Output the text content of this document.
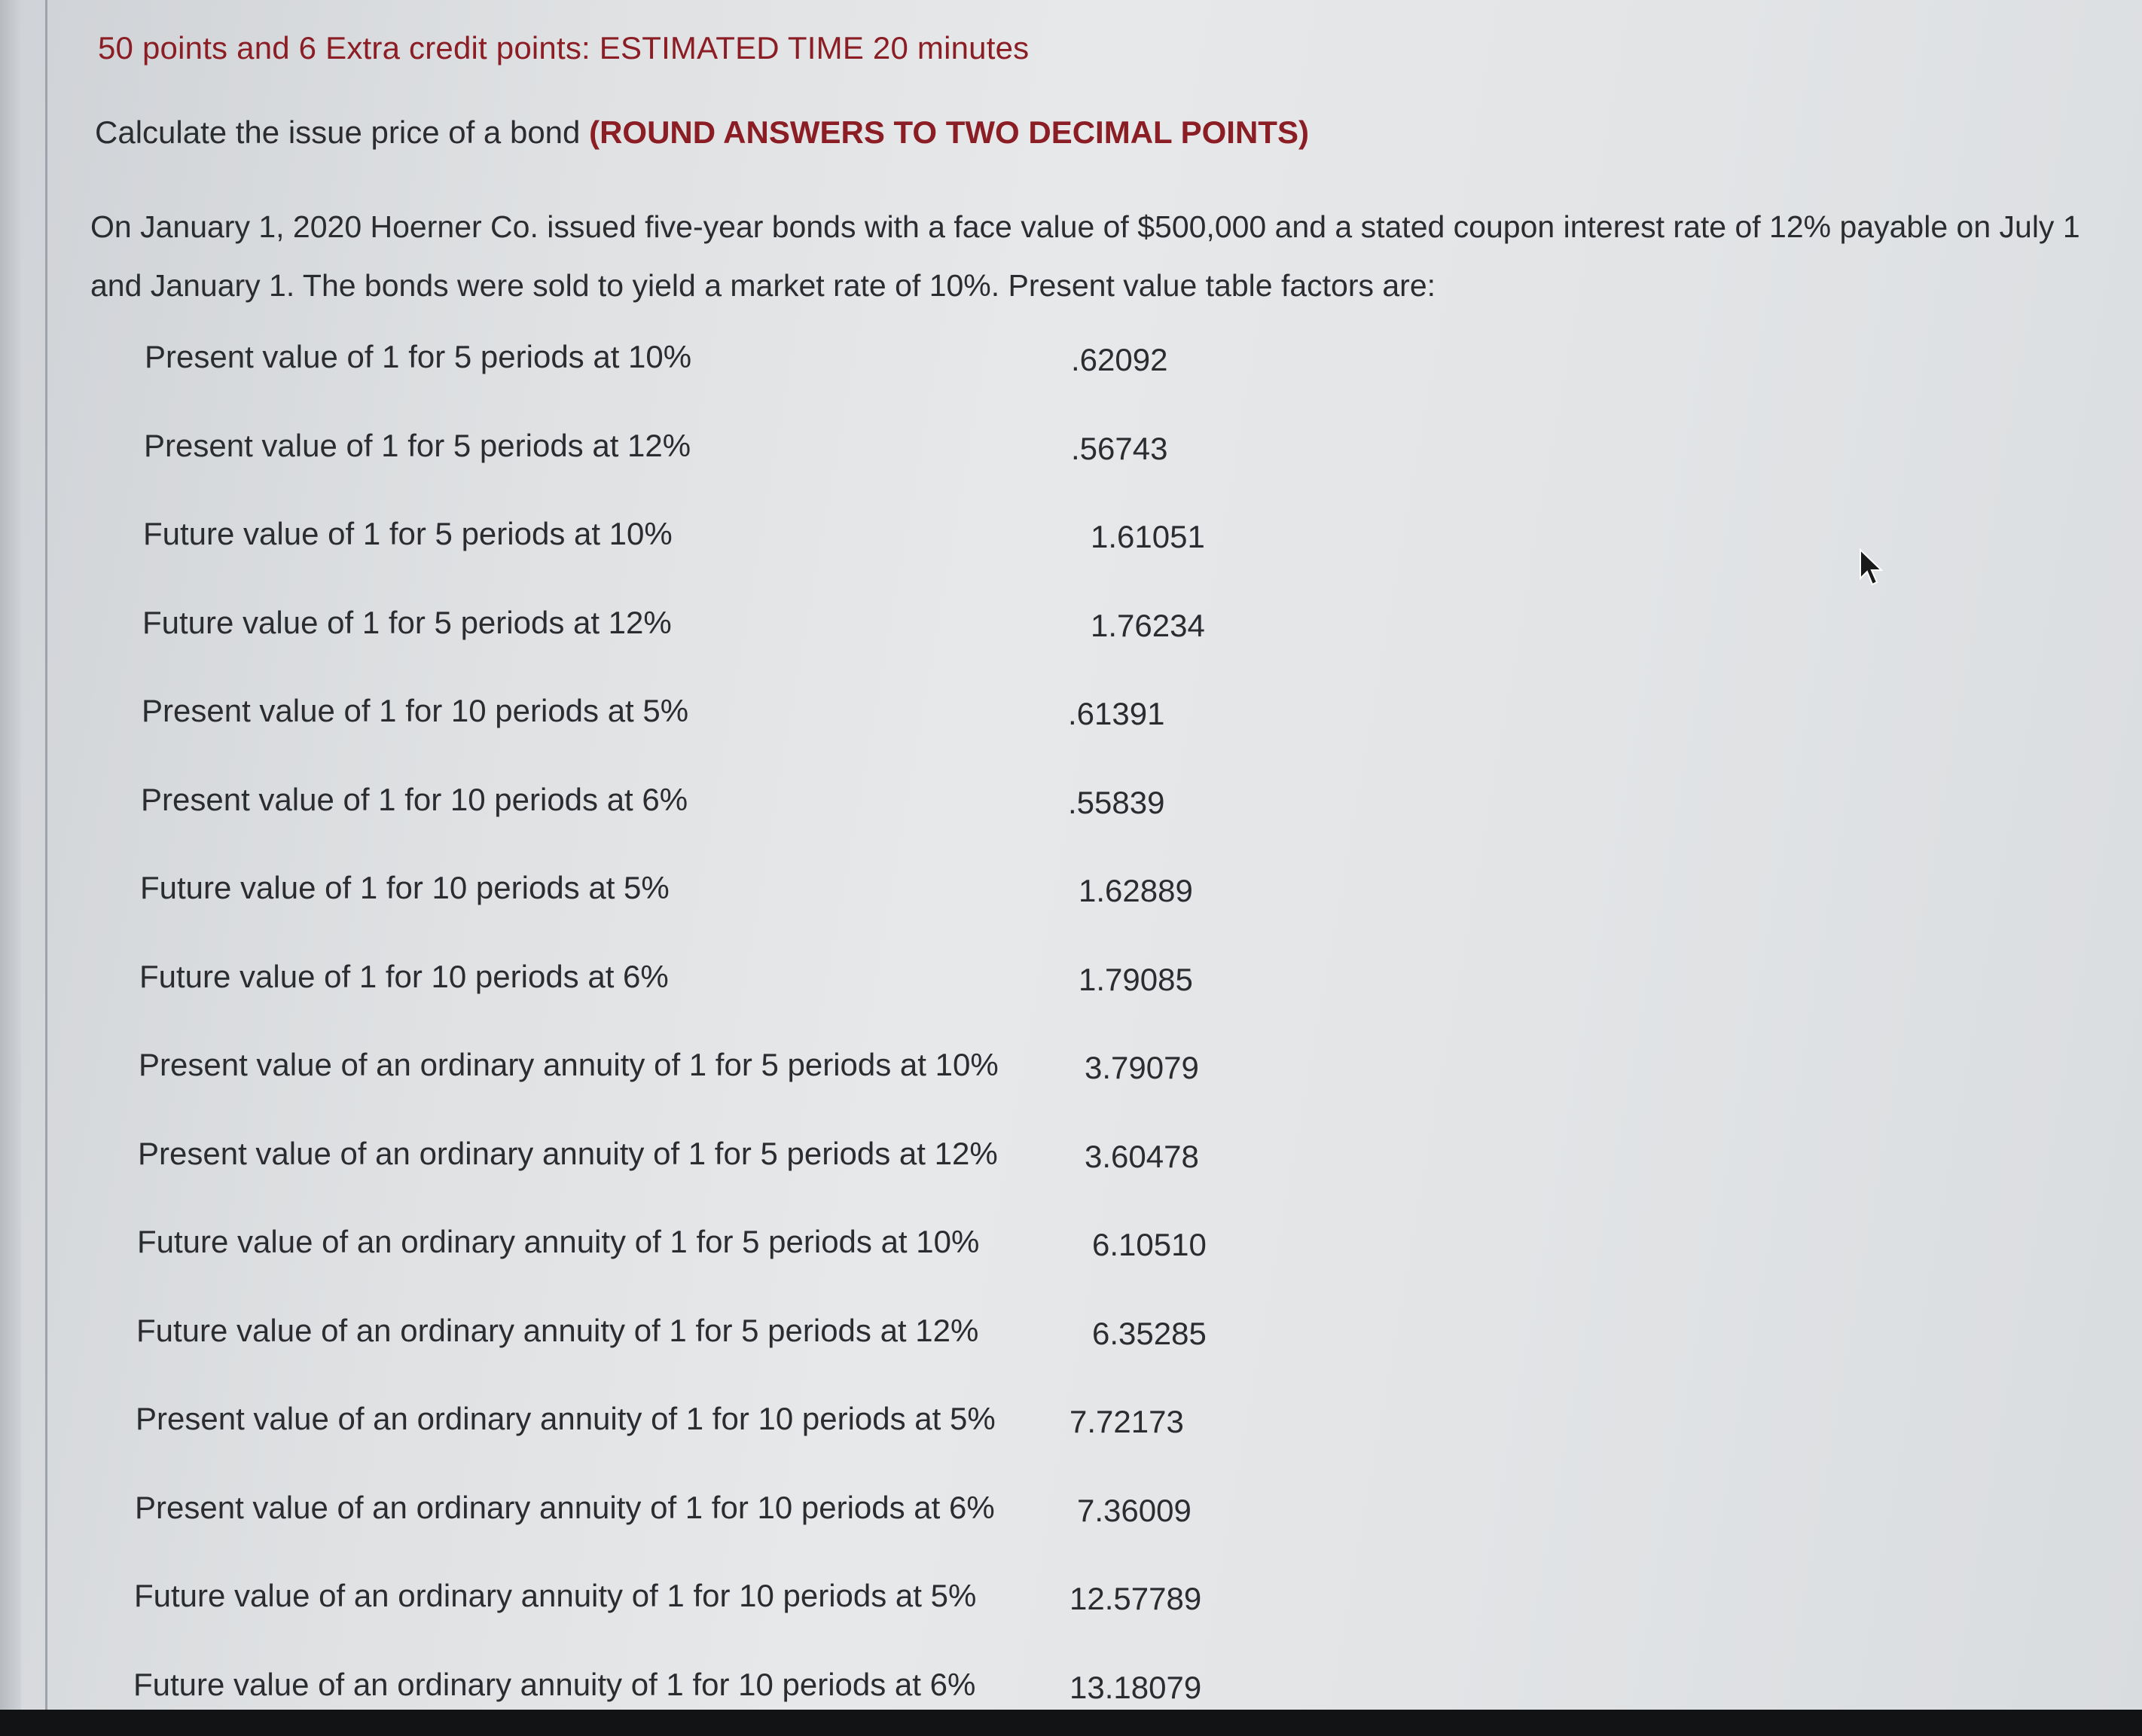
50 points and 6 Extra credit points: ESTIMATED TIME 20 minutes
Calculate the issue price of a bond (ROUND ANSWERS TO TWO DECIMAL POINTS)
On January 1, 2020 Hoerner Co. issued five-year bonds with a face value of $500,000 and a stated coupon interest rate of 12% payable on July 1
and January 1. The bonds were sold to yield a market rate of 10%. Present value table factors are:
Present value of 1 for 5 periods at 10%	.62092
Present value of 1 for 5 periods at 12%	.56743
Future value of 1 for 5 periods at 10%	1.61051
Future value of 1 for 5 periods at 12%	1.76234
Present value of 1 for 10 periods at 5%	.61391
Present value of 1 for 10 periods at 6%	.55839
Future value of 1 for 10 periods at 5%	1.62889
Future value of 1 for 10 periods at 6%	1.79085
Present value of an ordinary annuity of 1 for 5 periods at 10%	3.79079
Present value of an ordinary annuity of 1 for 5 periods at 12%	3.60478
Future value of an ordinary annuity of 1 for 5 periods at 10%	6.10510
Future value of an ordinary annuity of 1 for 5 periods at 12%	6.35285
Present value of an ordinary annuity of 1 for 10 periods at 5% 7.72173
Present value of an ordinary annuity of 1 for 10 periods at 6%	7.36009
Future value of an ordinary annuity of 1 for 10 periods at 5%	12.57789
Future value of an ordinary annuity of 1 for 10 periods at 6%	13.18079
